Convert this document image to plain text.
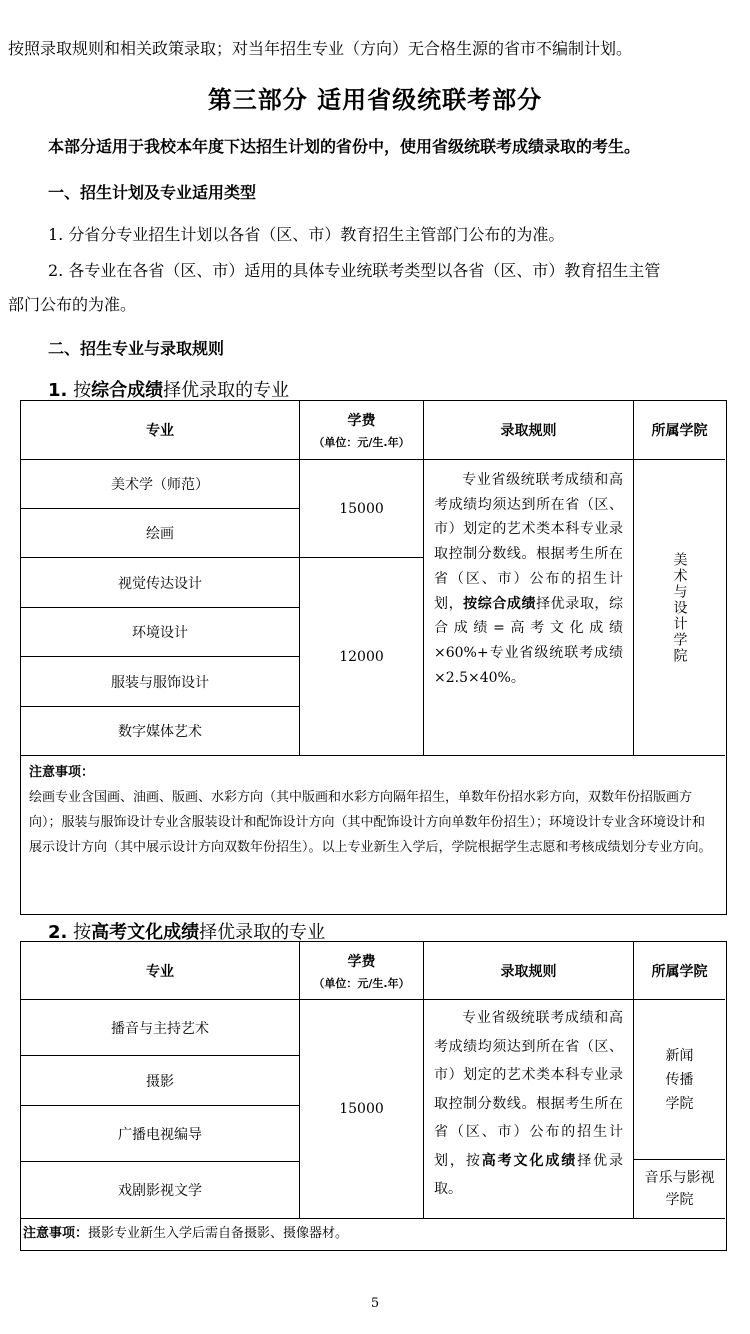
按照录取规则和相关政策录取；对当年招生专业（方向）无合格生源的省市不编制计划。
第三部分 适用省级统联考部分
本部分适用于我校本年度下达招生计划的省份中，使用省级统联考成绩录取的考生。
一、招生计划及专业适用类型
1. 分省分专业招生计划以各省（区、市）教育招生主管部门公布的为准。
2. 各专业在各省（区、市）适用的具体专业统联考类型以各省（区、市）教育招生主管
部门公布的为准。
二、招生专业与录取规则
1. 按综合成绩择优录取的专业
专业
学费
（单位：元/生.年）
录取规则	所属学院
美术学（师范）
绘画
视觉传达设计
环境设计
服装与服饰设计
数字媒体艺术
15000
12000
专业省级统联考成绩和高考成绩均须达到所在省（区、市）划定的艺术类本科专业录取控制分数线。根据考生所在省（区、市）公布的招生计划，按综合成绩择优录取，综合成绩=高考文化成绩×60%+专业省级统联考成绩×2.5×40%。
美术与设计学院
注意事项：
绘画专业含国画、油画、版画、水彩方向（其中版画和水彩方向隔年招生，单数年份招水彩方向，双数年份招版画方向）；服装与服饰设计专业含服装设计和配饰设计方向（其中配饰设计方向单数年份招生）；环境设计专业含环境设计和展示设计方向（其中展示设计方向双数年份招生）。以上专业新生入学后，学院根据学生志愿和考核成绩划分专业方向。
2. 按高考文化成绩择优录取的专业
专业
学费
（单位：元/生.年）
录取规则	所属学院
播音与主持艺术
摄影
广播电视编导
戏剧影视文学
15000
专业省级统联考成绩和高考成绩均须达到所在省（区、市）划定的艺术类本科专业录取控制分数线。根据考生所在省（区、市）公布的招生计划，按高考文化成绩择优录取。
新闻传播学院
音乐与影视学院
注意事项：摄影专业新生入学后需自备摄影、摄像器材。
5
